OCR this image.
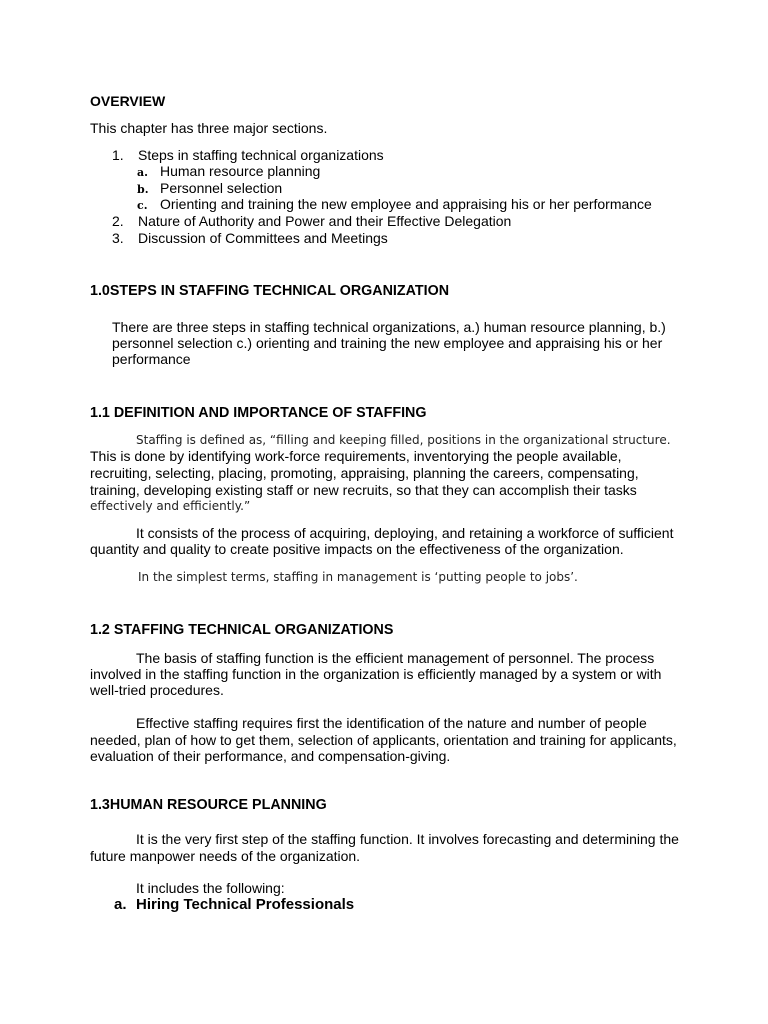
OVERVIEW
This chapter has three major sections.
1. Steps in staffing technical organizations
a. Human resource planning
b. Personnel selection
c. Orienting and training the new employee and appraising his or her performance
2. Nature of Authority and Power and their Effective Delegation
3. Discussion of Committees and Meetings
1.0STEPS IN STAFFING TECHNICAL ORGANIZATION
There are three steps in staffing technical organizations, a.) human resource planning, b.)
personnel selection c.) orienting and training the new employee and appraising his or her
performance
1.1 DEFINITION AND IMPORTANCE OF STAFFING
Staffing is defined as, “filling and keeping filled, positions in the organizational structure.
This is done by identifying work-force requirements, inventorying the people available,
recruiting, selecting, placing, promoting, appraising, planning the careers, compensating,
training, developing existing staff or new recruits, so that they can accomplish their tasks
effectively and efficiently.”
It consists of the process of acquiring, deploying, and retaining a workforce of sufficient
quantity and quality to create positive impacts on the effectiveness of the organization.
In the simplest terms, staffing in management is ‘putting people to jobs’.
1.2 STAFFING TECHNICAL ORGANIZATIONS
The basis of staffing function is the efficient management of personnel. The process
involved in the staffing function in the organization is efficiently managed by a system or with
well-tried procedures.
Effective staffing requires first the identification of the nature and number of people
needed, plan of how to get them, selection of applicants, orientation and training for applicants,
evaluation of their performance, and compensation-giving.
1.3HUMAN RESOURCE PLANNING
It is the very first step of the staffing function. It involves forecasting and determining the
future manpower needs of the organization.
It includes the following:
a. Hiring Technical Professionals
